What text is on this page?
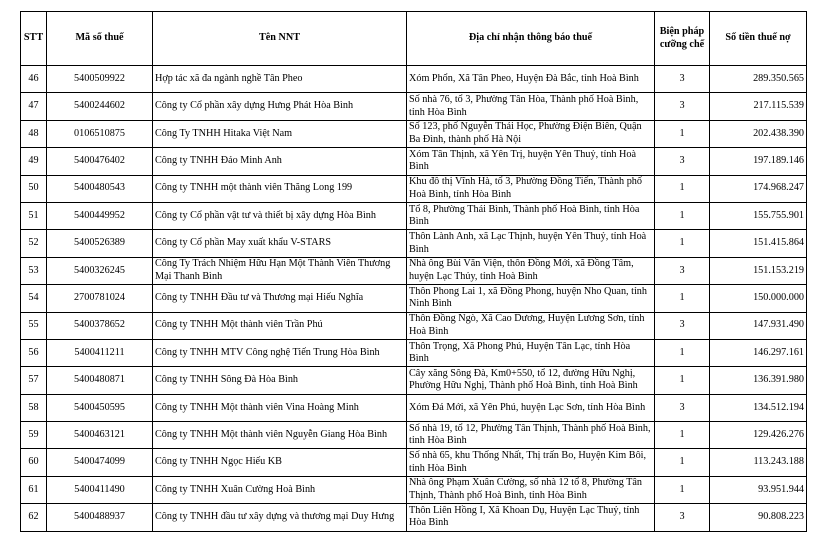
STT	Mã số thuế	Tên NNT	Địa chỉ nhận thông báo thuế	Biện pháp cưỡng chế	Số tiền thuế nợ
46	5400509922	Hợp tác xã đa ngành nghề Tân Pheo	Xóm Phổn, Xã Tân Pheo, Huyện Đà Bắc, tỉnh Hoà Bình	3	289.350.565
47	5400244602	Công ty Cổ phần xây dựng Hưng Phát Hòa Bình	Số nhà 76, tổ 3, Phường Tân Hòa, Thành phố Hoà Bình, tỉnh Hòa Bình	3	217.115.539
48	0106510875	Công Ty TNHH Hitaka Việt Nam	Số 123, phố Nguyễn Thái Học, Phường Điện Biên, Quận Ba Đình, thành phố Hà Nội	1	202.438.390
49	5400476402	Công ty TNHH Đảo Minh Anh	Xóm Tân Thịnh, xã Yên Trị, huyện Yên Thuỷ, tỉnh Hoà Bình	3	197.189.146
50	5400480543	Công ty TNHH một thành viên Thăng Long 199	Khu đô thị Vĩnh Hà, tổ 3, Phường Đồng Tiến, Thành phố Hoà Bình, tỉnh Hòa Bình	1	174.968.247
51	5400449952	Công ty Cổ phần vật tư và thiết bị xây dựng Hòa Bình	Tổ 8, Phường Thái Bình, Thành phố Hoà Bình, tỉnh Hòa Bình	1	155.755.901
52	5400526389	Công ty Cổ phần May xuất khẩu V-STARS	Thôn Lành Anh, xã Lạc Thịnh, huyện Yên Thuỷ, tỉnh Hoà Bình	1	151.415.864
53	5400326245	Công Ty Trách Nhiệm Hữu Hạn Một Thành Viên Thương Mại Thanh Bình	Nhà ông Bùi Văn Viện, thôn Đồng Mới, xã Đồng Tâm, huyện Lạc Thủy, tỉnh Hoà Bình	3	151.153.219
54	2700781024	Công ty TNHH Đầu tư và Thương mại Hiếu Nghĩa	Thôn Phong Lai 1, xã Đồng Phong, huyện Nho Quan, tỉnh Ninh Bình	1	150.000.000
55	5400378652	Công ty TNHH Một thành viên Trần Phú	Thôn Đồng Ngò, Xã Cao Dương, Huyện Lương Sơn, tỉnh Hoà Bình	3	147.931.490
56	5400411211	Công ty TNHH MTV Công nghệ Tiến Trung Hòa Bình	Thôn Trọng, Xã Phong Phú, Huyện Tân Lạc, tỉnh Hòa Bình	1	146.297.161
57	5400480871	Công ty TNHH Sông Đà Hòa Bình	Cây xăng Sông Đà, Km0+550, tổ 12, đường Hữu Nghị, Phường Hữu Nghị, Thành phố Hoà Bình, tỉnh Hoà Bình	1	136.391.980
58	5400450595	Công ty TNHH Một thành viên Vina Hoàng Minh	Xóm Đá Mới, xã Yên Phú, huyện Lạc Sơn, tỉnh Hòa Bình	3	134.512.194
59	5400463121	Công ty TNHH Một thành viên Nguyễn Giang Hòa Bình	Số nhà 19, tổ 12, Phường Tân Thịnh, Thành phố Hoà Bình, tỉnh Hòa Bình	1	129.426.276
60	5400474099	Công ty TNHH Ngọc Hiếu KB	Số nhà 65, khu Thống Nhất, Thị trấn Bo, Huyện Kim Bôi, tỉnh Hòa Bình	1	113.243.188
61	5400411490	Công ty TNHH Xuân Cường Hoà Bình	Nhà ông Phạm Xuân Cường, số nhà 12 tổ 8, Phường Tân Thịnh, Thành phố Hoà Bình, tỉnh Hòa Bình	1	93.951.944
62	5400488937	Công ty TNHH đầu tư xây dựng và thương mại Duy Hưng	Thôn Liên Hồng I, Xã Khoan Dụ, Huyện Lạc Thuỷ, tỉnh Hòa Bình	3	90.808.223
